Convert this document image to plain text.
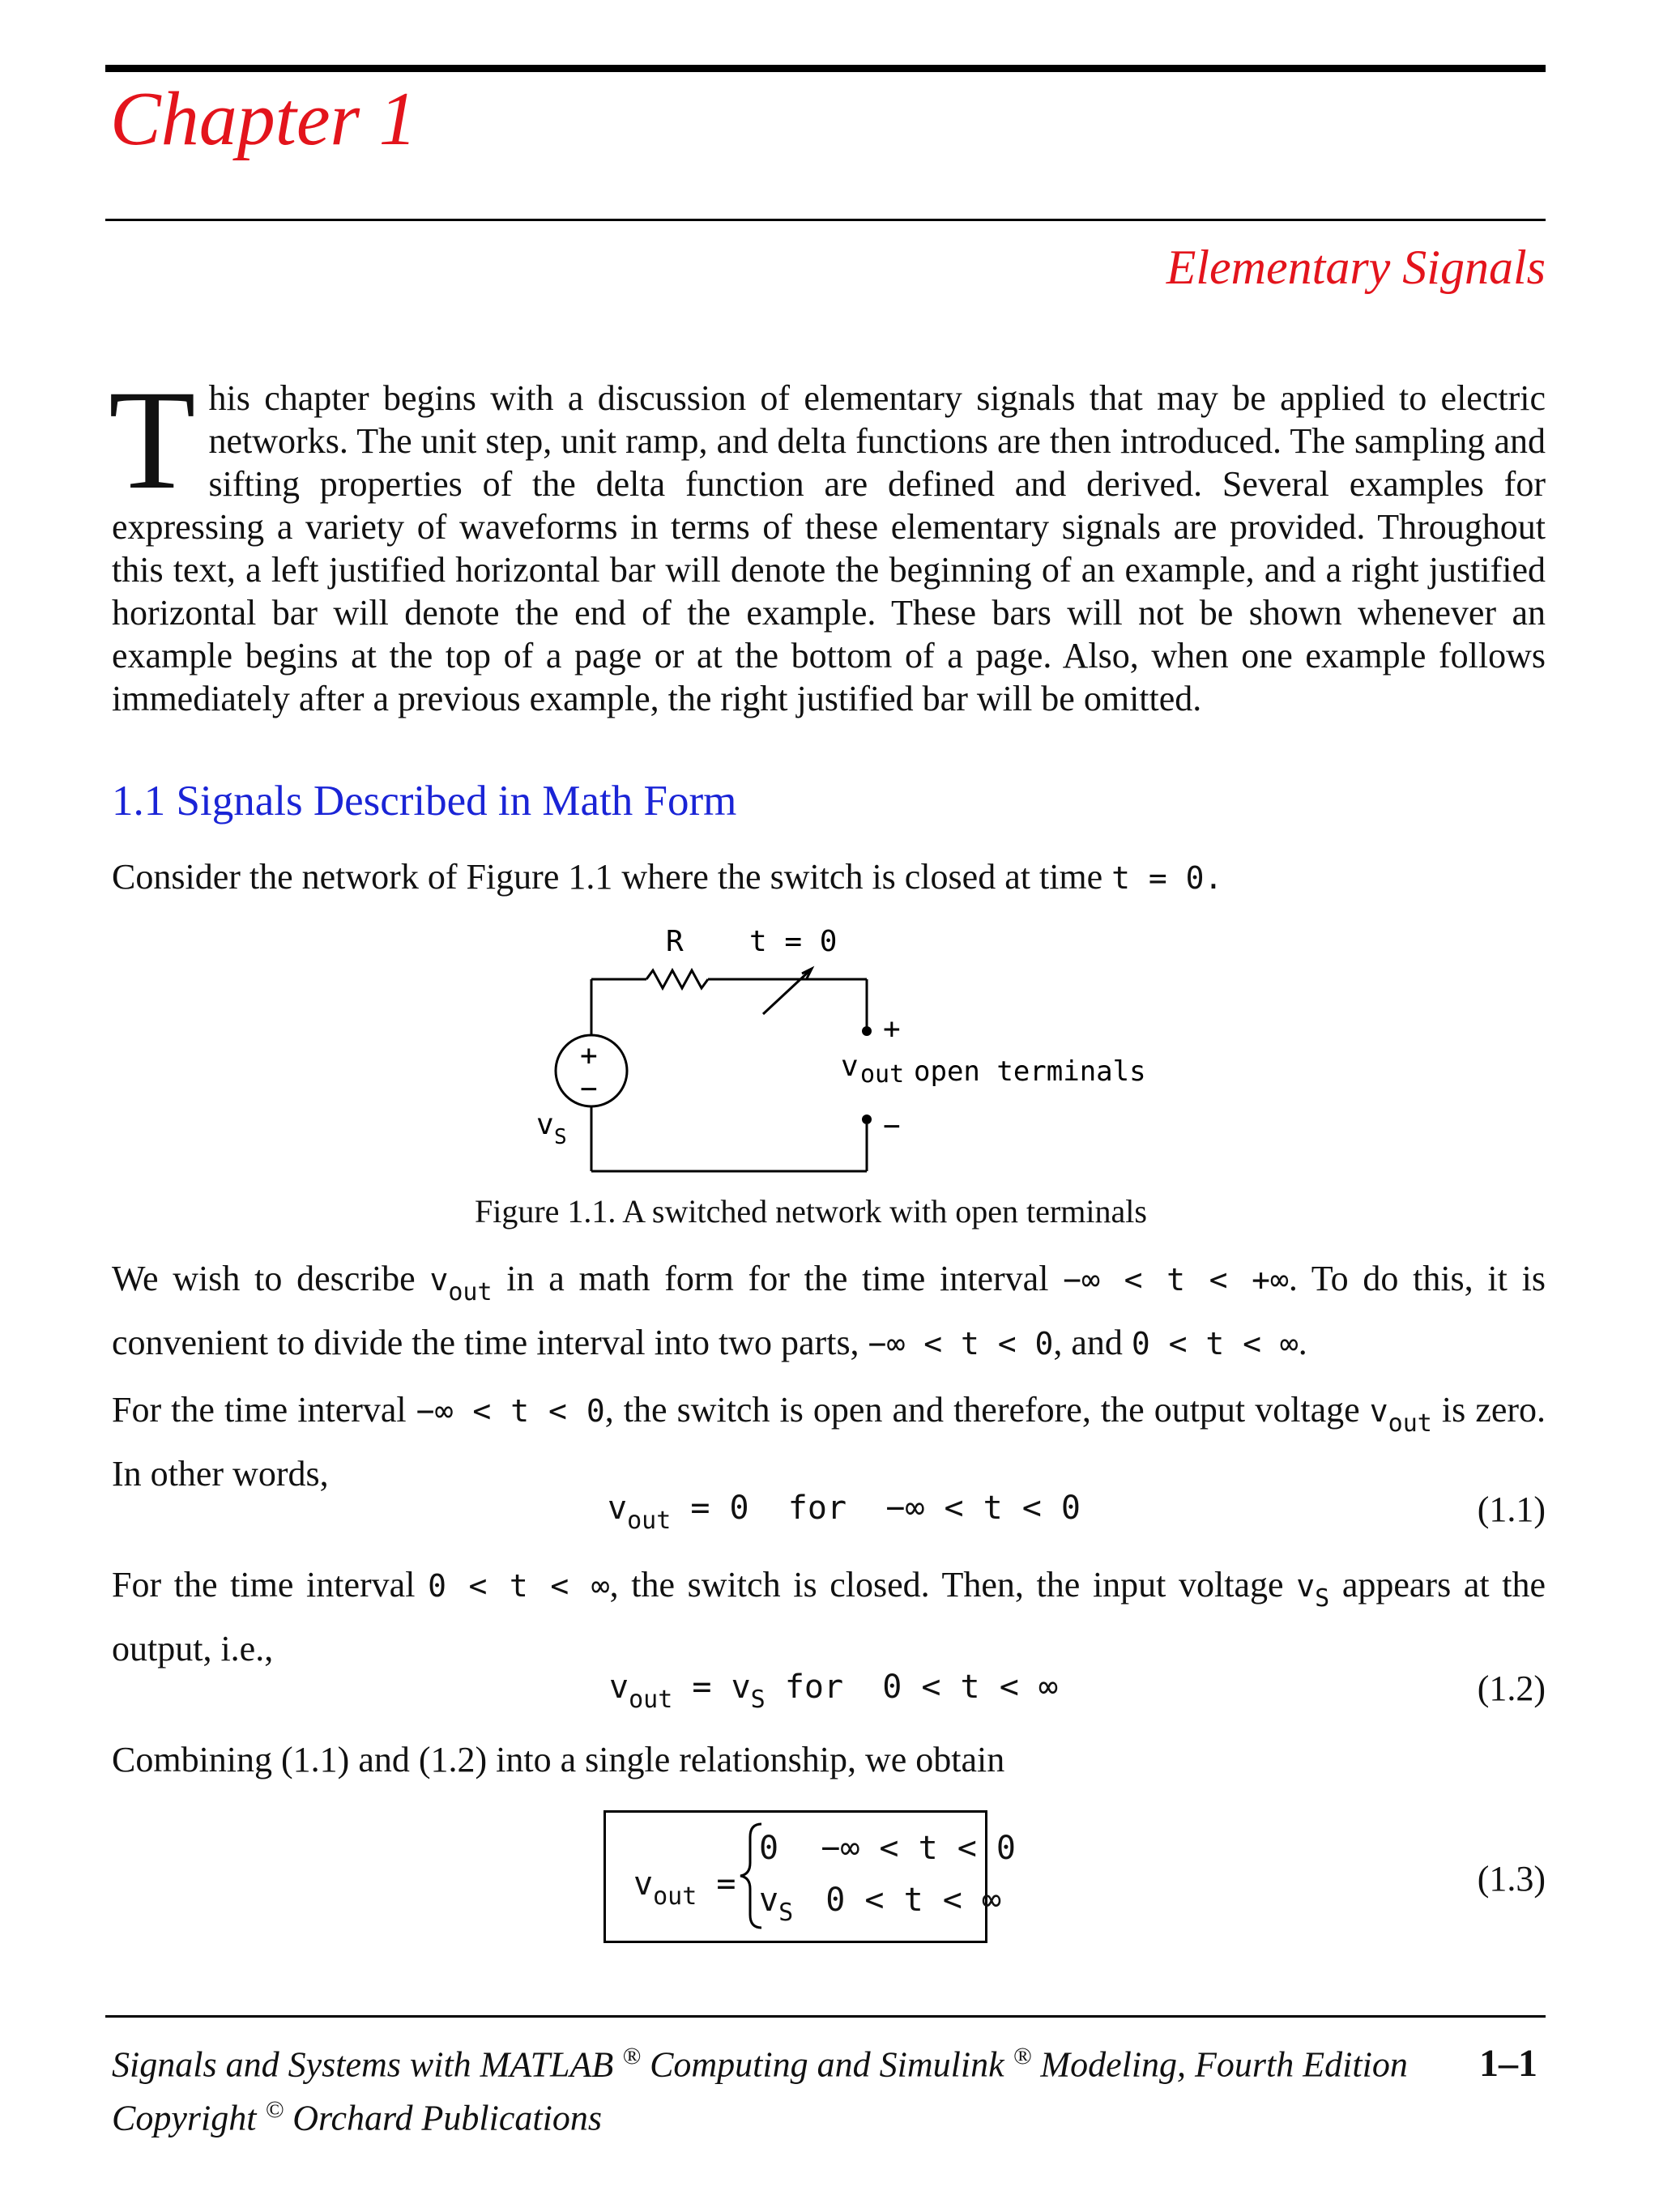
Chapter 1
Elementary Signals
This chapter begins with a discussion of elementary signals that may be applied to electric networks. The unit step, unit ramp, and delta functions are then introduced. The sampling and sifting properties of the delta function are defined and derived. Several examples for expressing a variety of waveforms in terms of these elementary signals are provided. Throughout this text, a left justified horizontal bar will denote the beginning of an example, and a right justified horizontal bar will denote the end of the example. These bars will not be shown whenever an example begins at the top of a page or at the bottom of a page. Also, when one example follows immediately after a previous example, the right justified bar will be omitted.
1.1 Signals Described in Math Form
Consider the network of Figure 1.1 where the switch is closed at time t = 0.
R t = 0
+
−
v S
+
−
v out open terminals
Figure 1.1. A switched network with open terminals
We wish to describe $v_{out}$ in a math form for the time interval −∞ < t < +∞. To do this, it is convenient to divide the time interval into two parts, −∞ < t < 0, and 0 < t < ∞.
For the time interval −∞ < t < 0, the switch is open and therefore, the output voltage $v_{out}$ is zero. In other words,
$v_{out} = 0$  for  −∞ < t < 0	(1.1)
For the time interval 0 < t < ∞, the switch is closed. Then, the input voltage $v_S$ appears at the output, i.e.,
$v_{out} = v_S$ for  0 < t < ∞	(1.2)
Combining (1.1) and (1.2) into a single relationship, we obtain
$v_{out}$ =
0 −∞ < t < 0
$v_S$ 0 < t < ∞
(1.3)
Signals and Systems with MATLAB ® Computing and Simulink ® Modeling, Fourth Edition
Copyright © Orchard Publications
1–1
